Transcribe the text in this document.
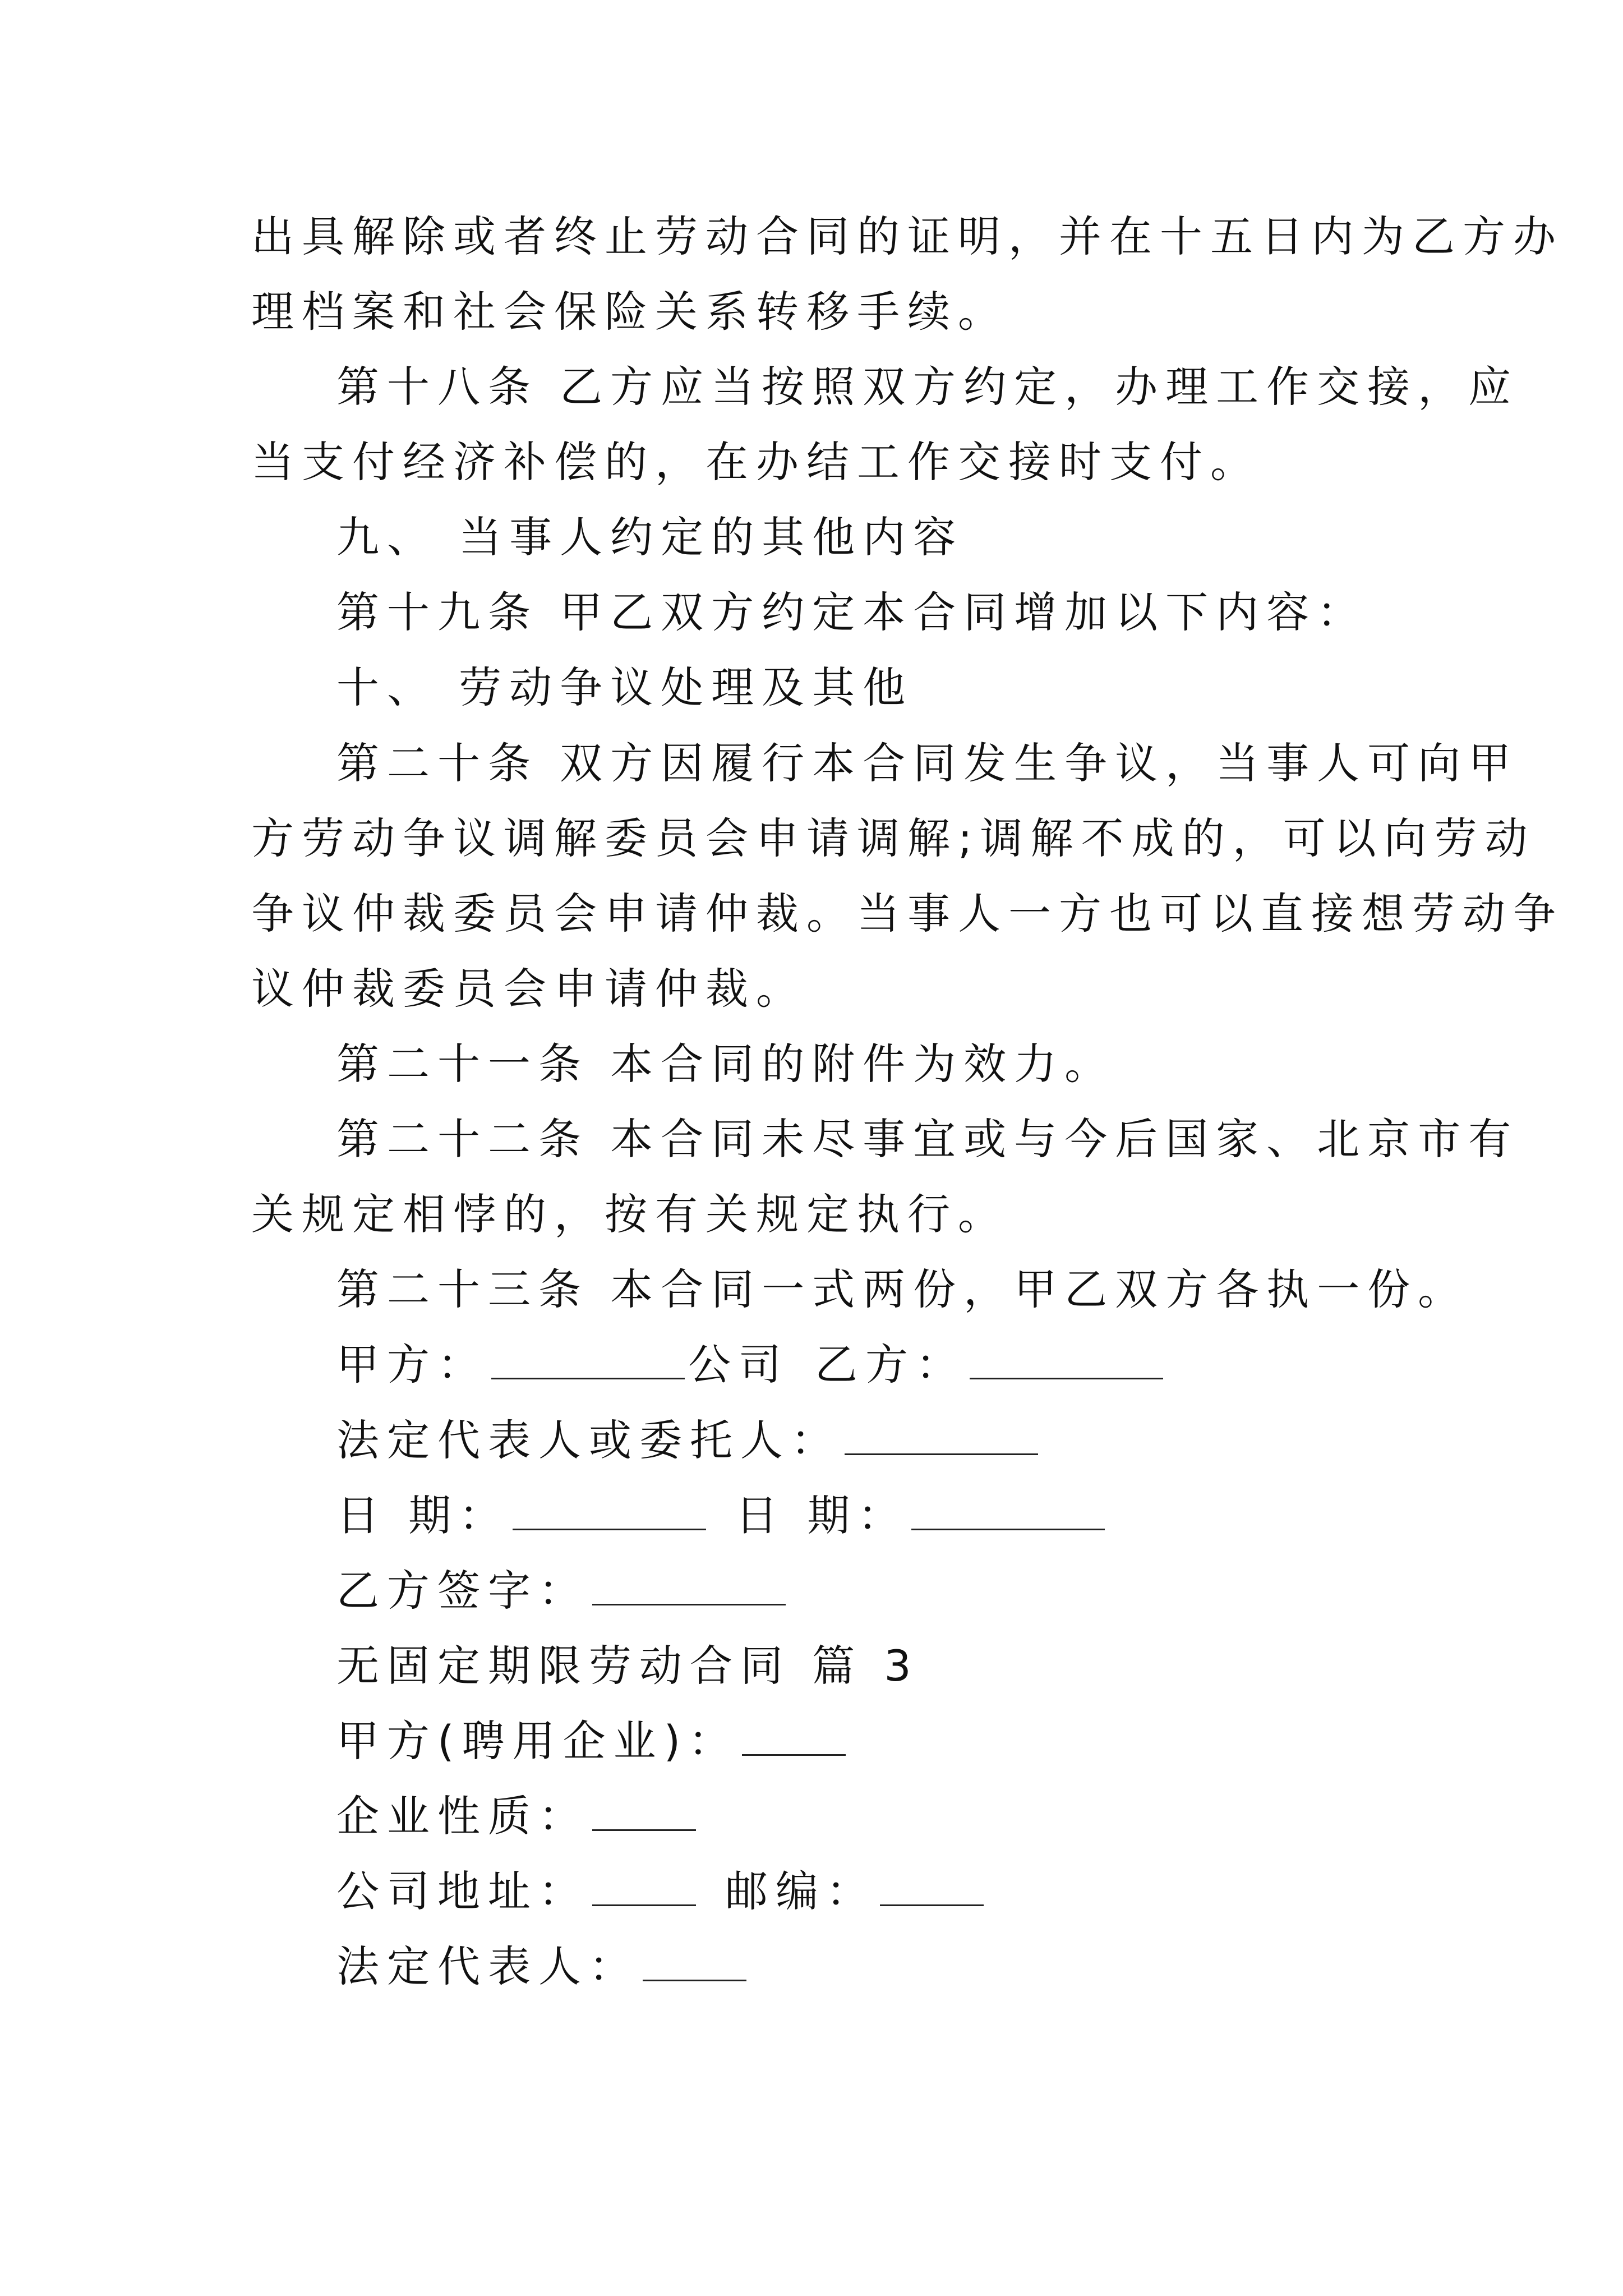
出具解除或者终止劳动合同的证明，并在十五日内为乙方办
理档案和社会保险关系转移手续。
第十八条 乙方应当按照双方约定，办理工作交接，应
当支付经济补偿的，在办结工作交接时支付。
九、 当事人约定的其他内容
第十九条 甲乙双方约定本合同增加以下内容：
十、 劳动争议处理及其他
第二十条 双方因履行本合同发生争议，当事人可向甲
方劳动争议调解委员会申请调解;调解不成的，可以向劳动
争议仲裁委员会申请仲裁。当事人一方也可以直接想劳动争
议仲裁委员会申请仲裁。
第二十一条 本合同的附件为效力。
第二十二条 本合同未尽事宜或与今后国家、北京市有
关规定相悖的，按有关规定执行。
第二十三条 本合同一式两份，甲乙双方各执一份。
甲方：	公司 乙方：
法定代表人或委托人：
日 期：	日 期：
乙方签字：
无固定期限劳动合同 篇 3
甲方(聘用企业)：
企业性质：
公司地址：	邮编：
法定代表人：
